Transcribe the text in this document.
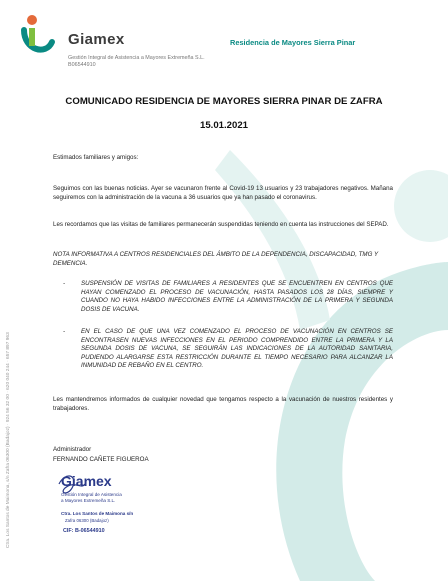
Giamex
Gestión Integral de Asistencia a Mayores Extremeña S.L.
B06544910
Residencia de Mayores Sierra Pinar
Ctra. Los Santos de Maimona, s/n Zafra 06300 (Badajoz) · 924 56 32 00 · 620 040 244 · 657 897 963
COMUNICADO RESIDENCIA DE MAYORES SIERRA PINAR DE ZAFRA
15.01.2021
Estimados familiares y amigos:
Seguimos con las buenas noticias. Ayer se vacunaron frente al Covid-19 13 usuarios y 23 trabajadores negativos. Mañana seguiremos con la administración de la vacuna a 36 usuarios que ya han pasado el coronavirus.
Les recordamos que las visitas de familiares permanecerán suspendidas teniendo en cuenta las instrucciones del SEPAD.
NOTA INFORMATIVA A CENTROS RESIDENCIALES DEL ÁMBITO DE LA DEPENDENCIA, DISCAPACIDAD, TMG Y DEMENCIA.
-	SUSPENSIÓN DE VISITAS DE FAMILIARES A RESIDENTES QUE SE ENCUENTREN EN CENTROS QUE HAYAN COMENZADO EL PROCESO DE VACUNACIÓN, HASTA PASADOS LOS 28 DÍAS, SIEMPRE Y CUANDO NO HAYA HABIDO INFECCIONES ENTRE LA ADMINISTRACIÓN DE LA PRIMERA Y SEGUNDA DOSIS DE VACUNA.
-	EN EL CASO DE QUE UNA VEZ COMENZADO EL PROCESO DE VACUNACIÓN EN CENTROS SE ENCONTRASEN NUEVAS INFECCIONES EN EL PERIODO COMPRENDIDO ENTRE LA PRIMERA Y LA SEGUNDA DOSIS DE VACUNA, SE SEGUIRÁN LAS INDICACIONES DE LA AUTORIDAD SANITARIA, PUDIENDO ALARGARSE ESTA RESTRICCIÓN DURANTE EL TIEMPO NECESARIO PARA ALCANZAR LA INMUNIDAD DE REBAÑO EN EL CENTRO.
Les mantendremos informados de cualquier novedad que tengamos respecto a la vacunación de nuestros residentes y trabajadores.
Administrador
FERNANDO CAÑETE FIGUEROA
Giamex
Gestión Integral de Asistencia
a Mayores Extremeña S.L.
Ctra. Los Santos de Maimona s/n
Zafra 06300 (Badajoz)
CIF: B-06544910
